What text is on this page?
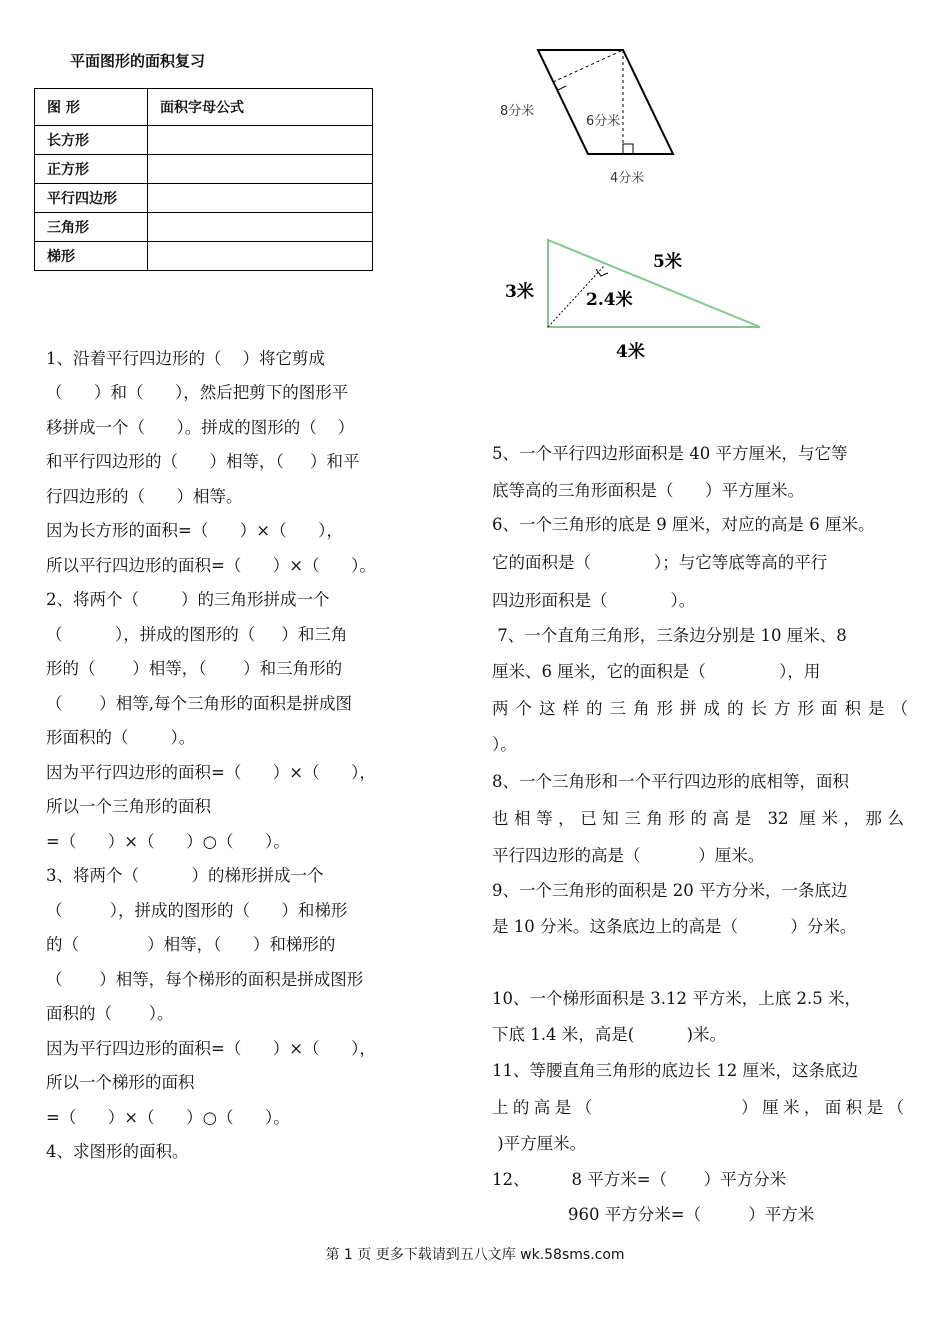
平面图形的面积复习
图 形	面积字母公式
长方形	
正方形	
平行四边形	
三角形	
梯形	
8分米
6分米
4分米
3米
5米
2.4米
4米
1、沿着平行四边形的（    ）将它剪成
（      ）和（      ），然后把剪下的图形平
移拼成一个（      ）。拼成的图形的（    ）
和平行四边形的（      ）相等，（     ）和平
行四边形的（      ）相等。
因为长方形的面积=（      ）×（      ），
所以平行四边形的面积=（      ）×（      ）。
2、将两个（        ）的三角形拼成一个
（          ），拼成的图形的（     ）和三角
形的（       ）相等，（       ）和三角形的
（       ）相等,每个三角形的面积是拼成图
形面积的（        ）。
因为平行四边形的面积=（      ）×（      ），
所以一个三角形的面积
=（      ）×（      ）○（      ）。
3、将两个（          ）的梯形拼成一个
（         ），拼成的图形的（      ）和梯形
的（             ）相等，（      ）和梯形的
（       ）相等，每个梯形的面积是拼成图形
面积的（       ）。
因为平行四边形的面积=（      ）×（      ），
所以一个梯形的面积
=（      ）×（      ）○（      ）。
4、求图形的面积。
5、一个平行四边形面积是 40 平方厘米，与它等
底等高的三角形面积是（      ）平方厘米。
6、一个三角形的底是 9 厘米，对应的高是 6 厘米。
它的面积是（            ）；与它等底等高的平行
四边形面积是（            ）。
7、一个直角三角形，三条边分别是 10 厘米、8
厘米、6 厘米，它的面积是（              ），用
两个这样的三角形拼成的长方形面积是（
）。
8、一个三角形和一个平行四边形的底相等，面积
也相等，已知三角形的高是 32 厘米，那么
平行四边形的高是（           ）厘米。
9、一个三角形的面积是 20 平方分米，一条底边
是 10 分米。这条底边上的高是（          ）分米。
10、一个梯形面积是 3.12 平方米，上底 2.5 米，
下底 1.4 米，高是(          )米。
11、等腰直角三角形的底边长 12 厘米，这条底边
上的高是（               ）厘米，面积是（
)平方厘米。
12、        8 平方米=（       ）平方分米
960 平方分米=（         ）平方米
第 1 页 更多下载请到五八文库 wk.58sms.com
